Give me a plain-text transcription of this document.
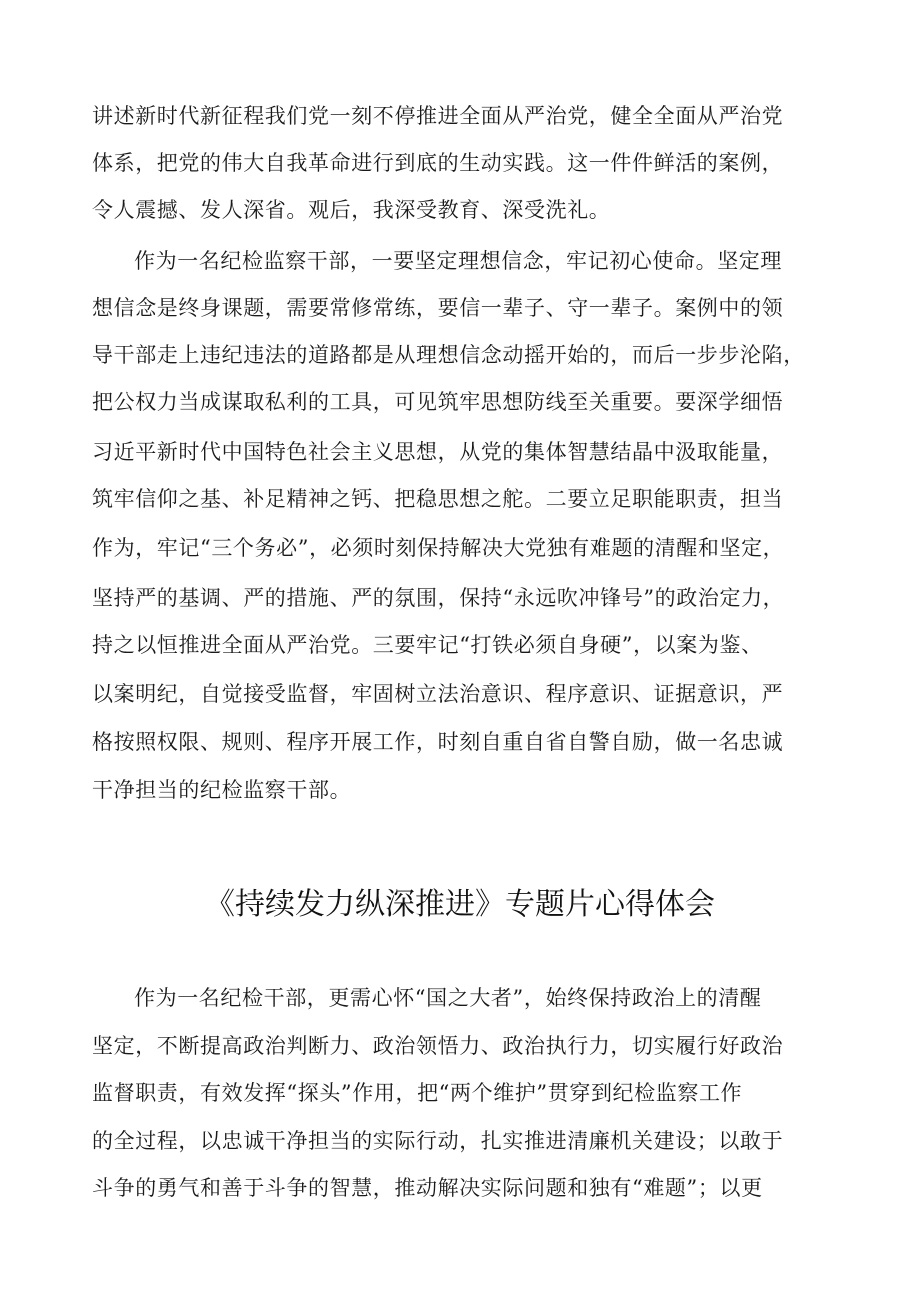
讲述新时代新征程我们党一刻不停推进全面从严治党，健全全面从严治党
体系，把党的伟大自我革命进行到底的生动实践。这一件件鲜活的案例，
令人震撼、发人深省。观后，我深受教育、深受洗礼。
作为一名纪检监察干部，一要坚定理想信念，牢记初心使命。坚定理
想信念是终身课题，需要常修常练，要信一辈子、守一辈子。案例中的领
导干部走上违纪违法的道路都是从理想信念动摇开始的，而后一步步沦陷，
把公权力当成谋取私利的工具，可见筑牢思想防线至关重要。要深学细悟
习近平新时代中国特色社会主义思想，从党的集体智慧结晶中汲取能量，
筑牢信仰之基、补足精神之钙、把稳思想之舵。二要立足职能职责，担当
作为，牢记“三个务必”，必须时刻保持解决大党独有难题的清醒和坚定，
坚持严的基调、严的措施、严的氛围，保持“永远吹冲锋号”的政治定力，
持之以恒推进全面从严治党。三要牢记“打铁必须自身硬”，以案为鉴、
以案明纪，自觉接受监督，牢固树立法治意识、程序意识、证据意识，严
格按照权限、规则、程序开展工作，时刻自重自省自警自励，做一名忠诚
干净担当的纪检监察干部。
《持续发力纵深推进》专题片心得体会
作为一名纪检干部，更需心怀“国之大者”，始终保持政治上的清醒
坚定，不断提高政治判断力、政治领悟力、政治执行力，切实履行好政治
监督职责，有效发挥“探头”作用，把“两个维护”贯穿到纪检监察工作
的全过程，以忠诚干净担当的实际行动，扎实推进清廉机关建设；以敢于
斗争的勇气和善于斗争的智慧，推动解决实际问题和独有“难题”；以更
